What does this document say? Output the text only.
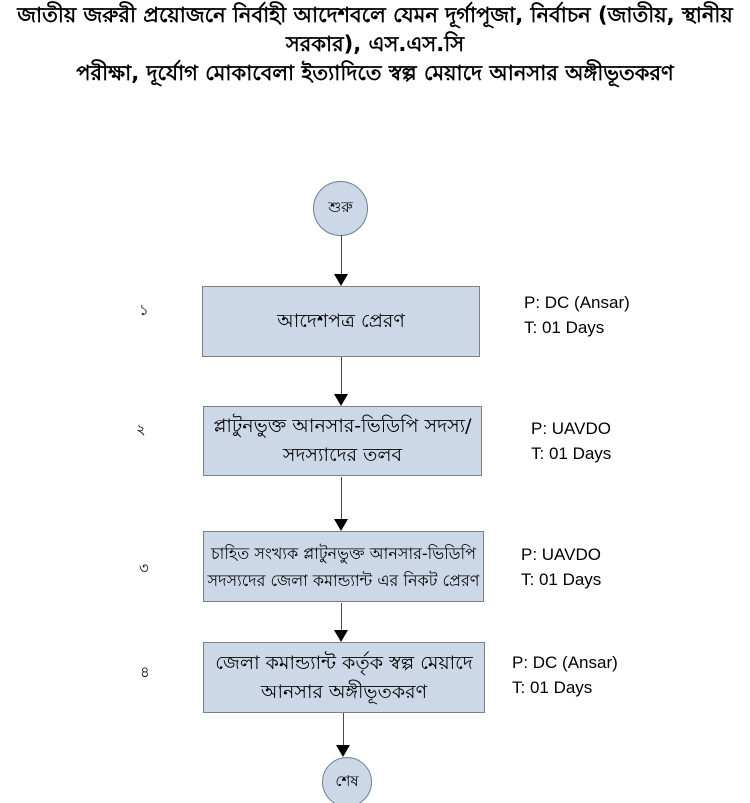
জাতীয় জরুরী প্রয়োজনে নির্বাহী আদেশবলে যেমন দূর্গাপূজা, নির্বাচন (জাতীয়, স্থানীয় সরকার), এস.এস.সি
পরীক্ষা, দূর্যোগ মোকাবেলা ইত্যাদিতে স্বল্প মেয়াদে আনসার অঙ্গীভূতকরণ
শুরু
১	আদেশপত্র প্রেরণ
P: DC (Ansar)
T: 01 Days
২	প্লাটুনভুক্ত আনসার-ভিডিপি সদস্য/
সদস্যাদের তলব
P: UAVDO
T: 01 Days
৩
চাহিত সংখ্যক প্লাটুনভুক্ত আনসার-ভিডিপি
সদস্যদের জেলা কমান্ড্যান্ট এর নিকট প্রেরণ
P: UAVDO
T: 01 Days
৪	জেলা কমান্ড্যান্ট কর্তৃক স্বল্প মেয়াদে
আনসার অঙ্গীভূতকরণ
P: DC (Ansar)
T: 01 Days
শেষ
